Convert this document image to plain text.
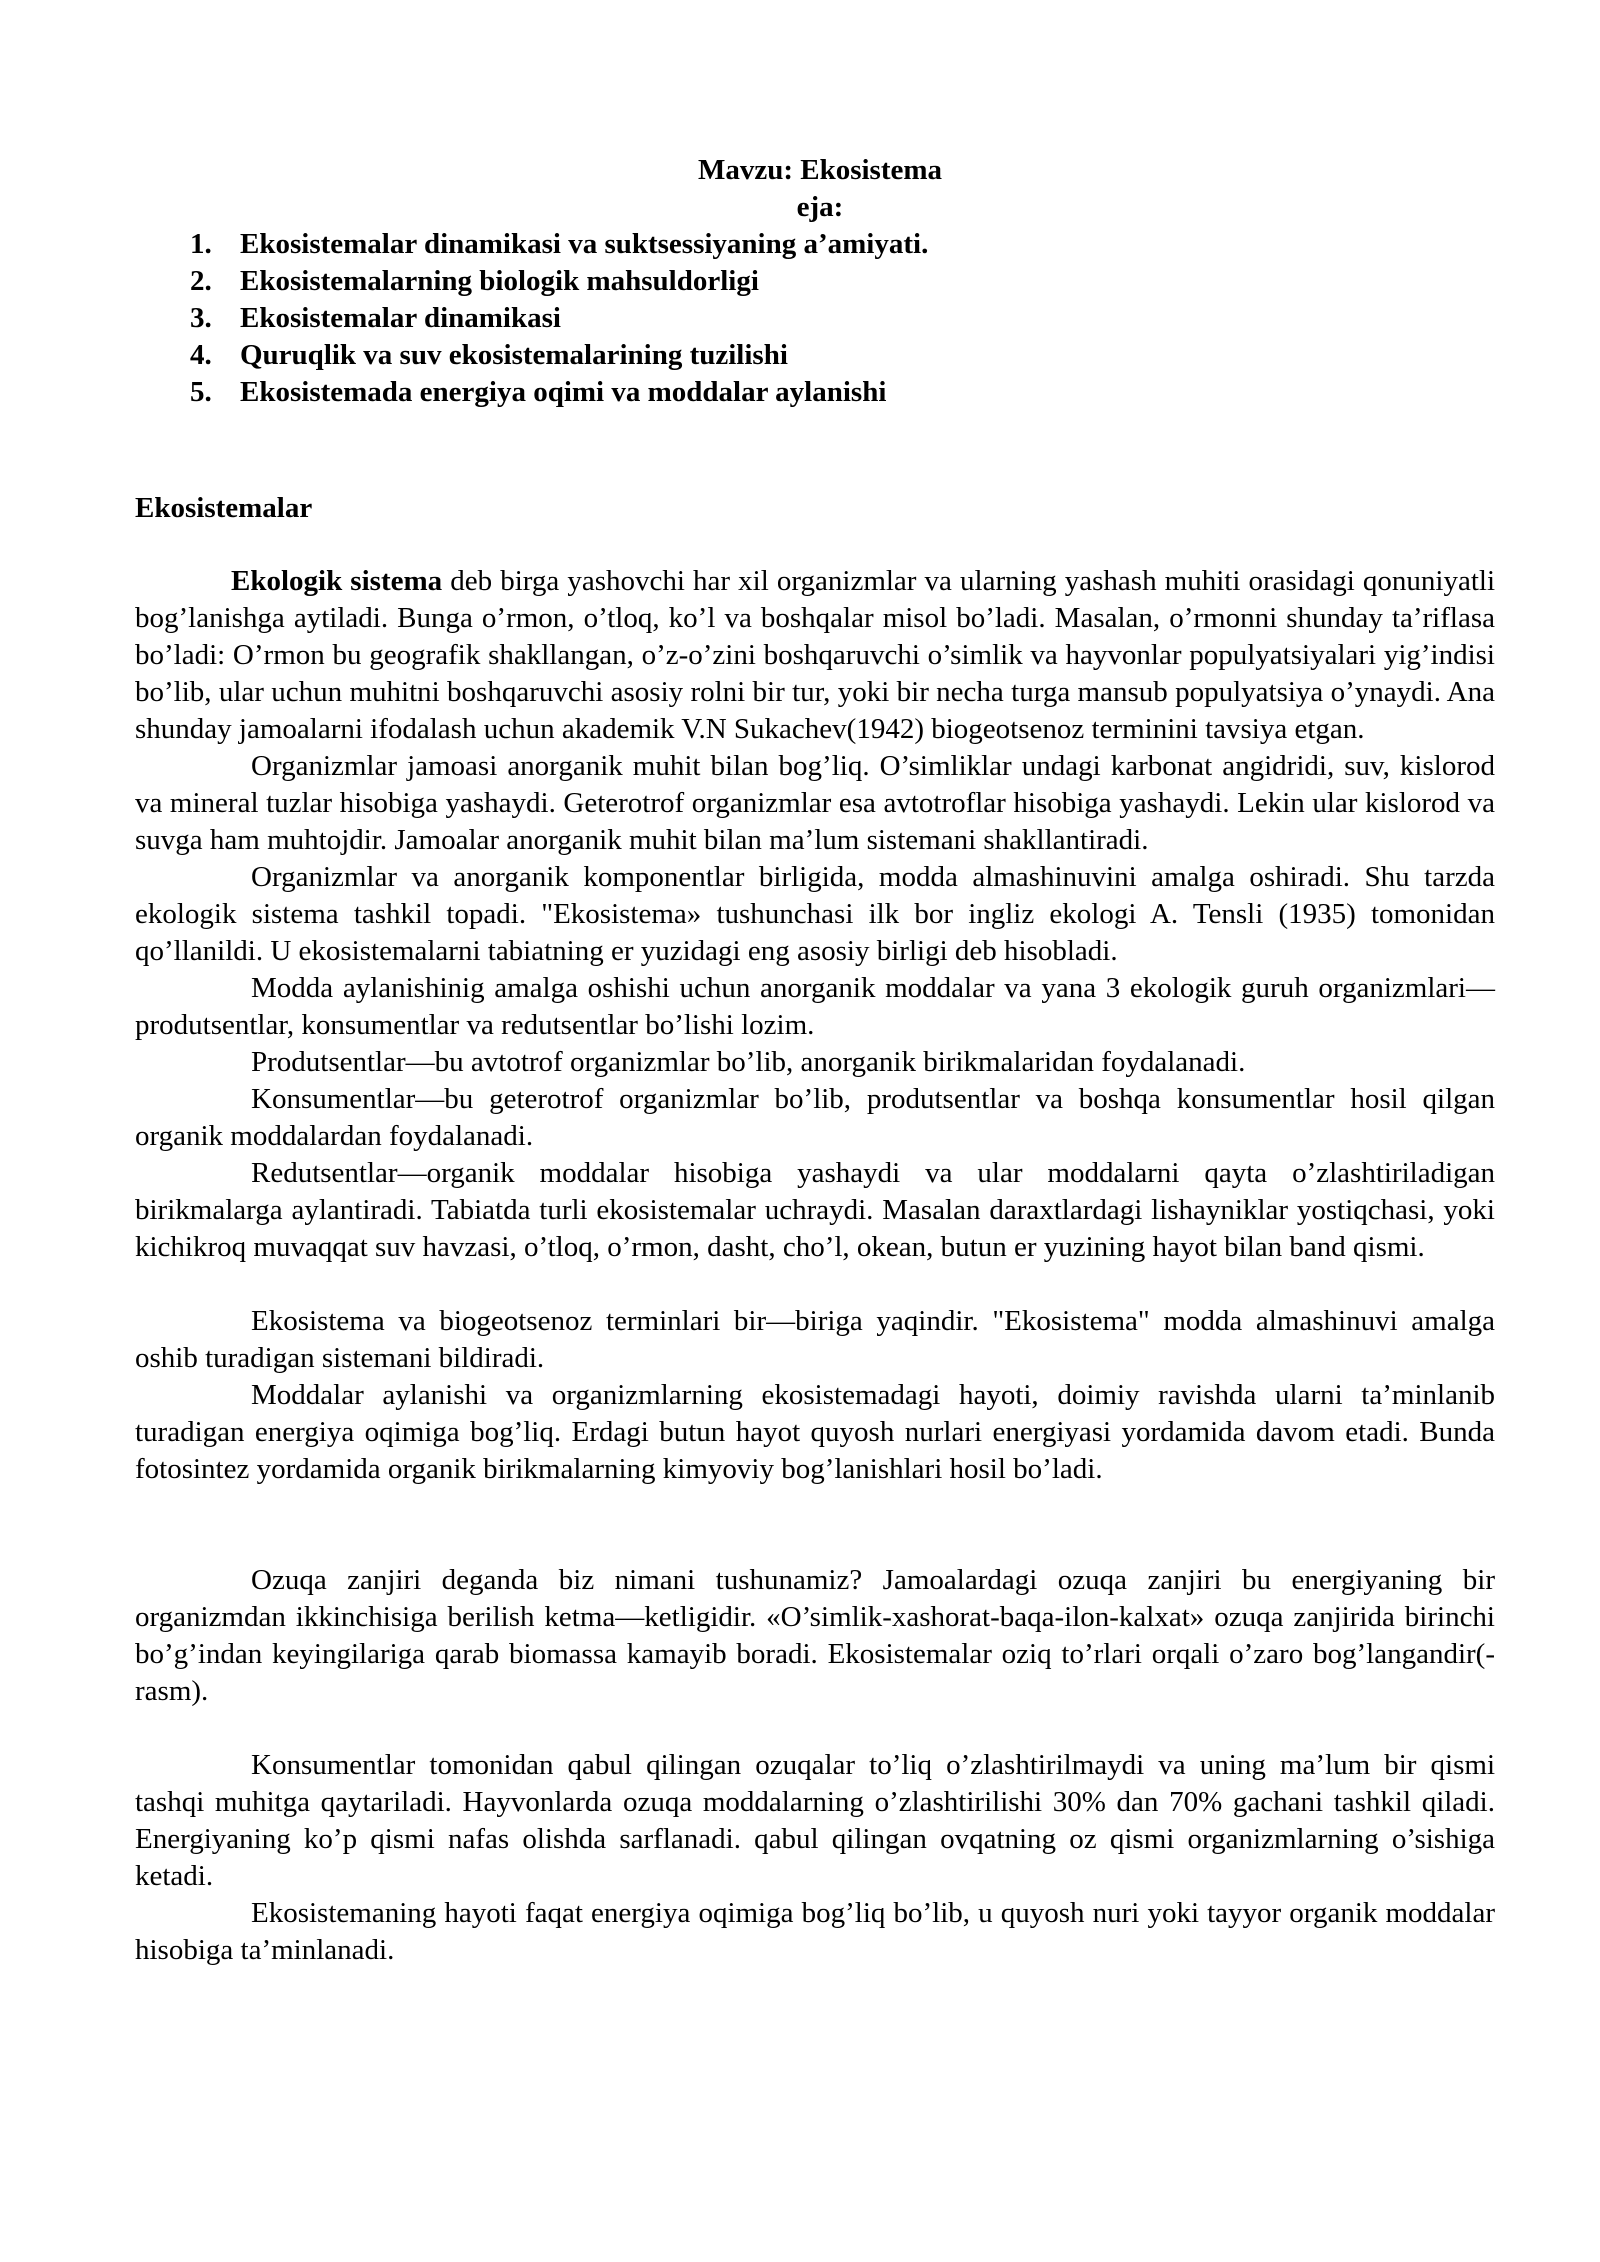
Mavzu: Ekosistema
eja:
1. Ekosistemalar dinamikasi va suktsessiyaning a’amiyati.
2. Ekosistemalarning biologik mahsuldorligi
3. Ekosistemalar dinamikasi
4. Quruqlik va suv ekosistemalarining tuzilishi
5. Ekosistemada energiya oqimi va moddalar aylanishi
Ekosistemalar

Ekologik sistema deb birga yashovchi har xil organizmlar va ularning yashash muhiti orasidagi qonuniyatli bog’lanishga aytiladi. Bunga o’rmon, o’tloq, ko’l va boshqalar misol bo’ladi. Masalan, o’rmonni shunday ta’riflasa bo’ladi: O’rmon bu geografik shakllangan, o’z-o’zini boshqaruvchi o’simlik va hayvonlar populyatsiyalari yig’indisi bo’lib, ular uchun muhitni boshqaruvchi asosiy rolni bir tur, yoki bir necha turga mansub populyatsiya o’ynaydi. Ana shunday jamoalarni ifodalash uchun akademik V.N Sukachev(1942) biogeotsenoz terminini tavsiya etgan.

Organizmlar jamoasi anorganik muhit bilan bog’liq. O’simliklar undagi karbonat angidridi, suv, kislorod va mineral tuzlar hisobiga yashaydi. Geterotrof organizmlar esa avtotroflar hisobiga yashaydi. Lekin ular kislorod va suvga ham muhtojdir. Jamoalar anorganik muhit bilan ma’lum sistemani shakllantiradi.

Organizmlar va anorganik komponentlar birligida, modda almashinuvini amalga oshiradi. Shu tarzda ekologik sistema tashkil topadi. "Ekosistema» tushunchasi ilk bor ingliz ekologi A. Tensli (1935) tomonidan qo’llanildi. U ekosistemalarni tabiatning er yuzidagi eng asosiy birligi deb hisobladi.

Modda aylanishinig amalga oshishi uchun anorganik moddalar va yana 3 ekologik guruh organizmlari—produtsentlar, konsumentlar va redutsentlar bo’lishi lozim.

Produtsentlar—bu avtotrof organizmlar bo’lib, anorganik birikmalaridan foydalanadi.

Konsumentlar—bu geterotrof organizmlar bo’lib, produtsentlar va boshqa konsumentlar hosil qilgan organik moddalardan foydalanadi.

Redutsentlar—organik moddalar hisobiga yashaydi va ular moddalarni qayta o’zlashtiriladigan birikmalarga aylantiradi. Tabiatda turli ekosistemalar uchraydi. Masalan daraxtlardagi lishayniklar yostiqchasi, yoki kichikroq muvaqqat suv havzasi, o’tloq, o’rmon, dasht, cho’l, okean, butun er yuzining hayot bilan band qismi.

Ekosistema va biogeotsenoz terminlari bir—biriga yaqindir. "Ekosistema" modda almashinuvi amalga oshib turadigan sistemani bildiradi.

Moddalar aylanishi va organizmlarning ekosistemadagi hayoti, doimiy ravishda ularni ta’minlanib turadigan energiya oqimiga bog’liq. Erdagi butun hayot quyosh nurlari energiyasi yordamida davom etadi. Bunda fotosintez yordamida organik birikmalarning kimyoviy bog’lanishlari hosil bo’ladi.

Ozuqa zanjiri deganda biz nimani tushunamiz? Jamoalardagi ozuqa zanjiri bu energiyaning bir organizmdan ikkinchisiga berilish ketma—ketligidir. «O’simlik-xashorat-baqa-ilon-kalxat» ozuqa zanjirida birinchi bo’g’indan keyingilariga qarab biomassa kamayib boradi. Ekosistemalar oziq to’rlari orqali o’zaro bog’langandir(-rasm).

Konsumentlar tomonidan qabul qilingan ozuqalar to’liq o’zlashtirilmaydi va uning ma’lum bir qismi tashqi muhitga qaytariladi. Hayvonlarda ozuqa moddalarning o’zlashtirilishi 30% dan 70% gachani tashkil qiladi. Energiyaning ko’p qismi nafas olishda sarflanadi. qabul qilingan ovqatning oz qismi organizmlarning o’sishiga ketadi.

Ekosistemaning hayoti faqat energiya oqimiga bog’liq bo’lib, u quyosh nuri yoki tayyor organik moddalar hisobiga ta’minlanadi.
